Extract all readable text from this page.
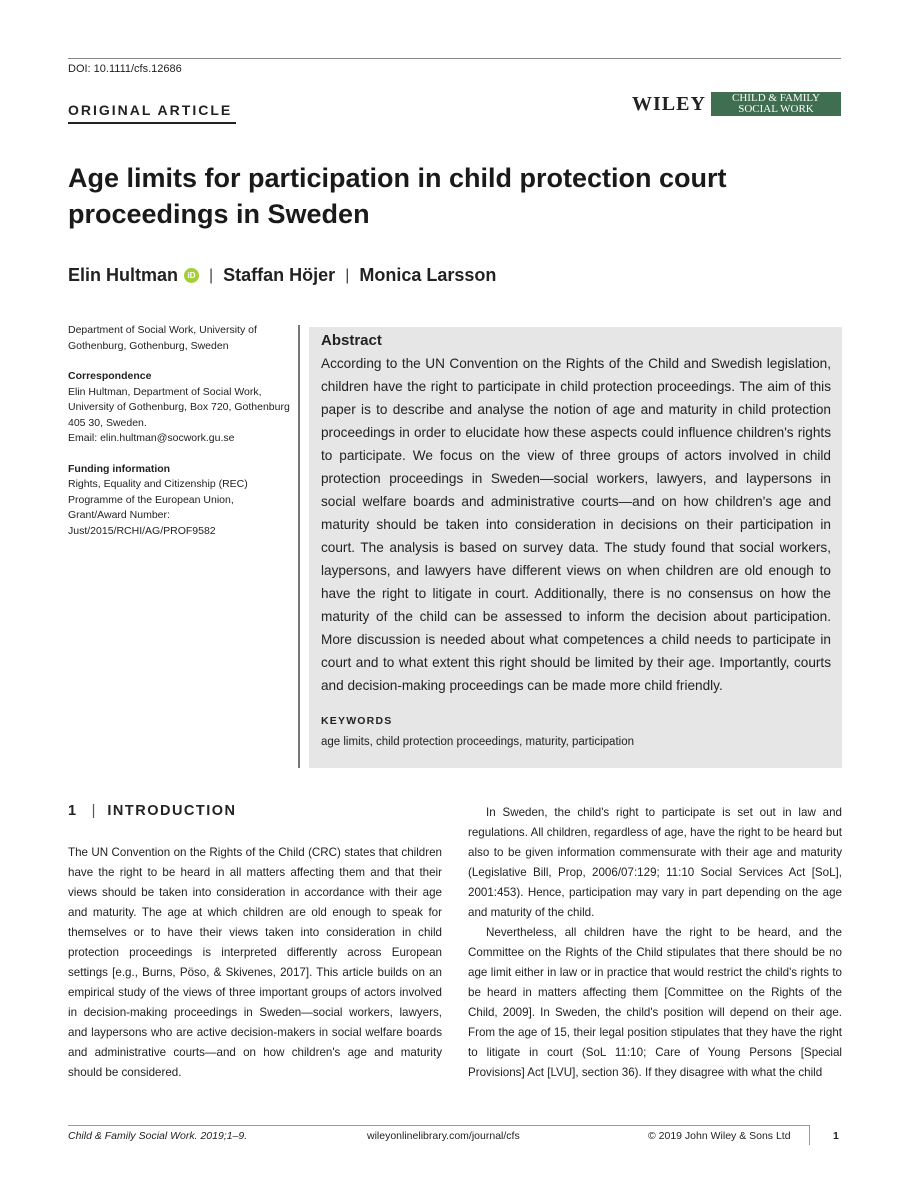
DOI: 10.1111/cfs.12686
ORIGINAL ARTICLE	WILEY	CHILD & FAMILY
SOCIAL WORK
Age limits for participation in child protection court proceedings in Sweden
Elin Hultman	iD | Staffan Höjer | Monica Larsson
Department of Social Work, University of Gothenburg, Gothenburg, Sweden
Correspondence
Elin Hultman, Department of Social Work, University of Gothenburg, Box 720, Gothenburg 405 30, Sweden.
Email: elin.hultman@socwork.gu.se
Funding information
Rights, Equality and Citizenship (REC) Programme of the European Union, Grant/Award Number: Just/2015/RCHI/AG/PROF9582
Abstract
According to the UN Convention on the Rights of the Child and Swedish legislation, children have the right to participate in child protection proceedings. The aim of this paper is to describe and analyse the notion of age and maturity in child protection proceedings in order to elucidate how these aspects could influence children's rights to participate. We focus on the view of three groups of actors involved in child protection proceedings in Sweden—social workers, lawyers, and laypersons in social welfare boards and administrative courts—and on how children's age and maturity should be taken into consideration in decisions on their participation in court. The analysis is based on survey data. The study found that social workers, laypersons, and lawyers have different views on when children are old enough to have the right to litigate in court. Additionally, there is no consensus on how the maturity of the child can be assessed to inform the decision about participation. More discussion is needed about what competences a child needs to participate in court and to what extent this right should be limited by their age. Importantly, courts and decision-making proceedings can be made more child friendly.
KEYWORDS
age limits, child protection proceedings, maturity, participation
1 | INTRODUCTION

The UN Convention on the Rights of the Child (CRC) states that children have the right to be heard in all matters affecting them and that their views should be taken into consideration in accordance with their age and maturity. The age at which children are old enough to speak for themselves or to have their views taken into consideration in child protection proceedings is interpreted differently across European settings [e.g., Burns, Pöso, & Skivenes, 2017]. This article builds on an empirical study of the views of three important groups of actors involved in decision-making proceedings in Sweden—social workers, lawyers, and laypersons who are active decision-makers in social welfare boards and administrative courts—and on how children's age and maturity should be considered.

In Sweden, the child's right to participate is set out in law and regulations. All children, regardless of age, have the right to be heard but also to be given information commensurate with their age and maturity (Legislative Bill, Prop, 2006/07:129; 11:10 Social Services Act [SoL], 2001:453). Hence, participation may vary in part depending on the age and maturity of the child.

Nevertheless, all children have the right to be heard, and the Committee on the Rights of the Child stipulates that there should be no age limit either in law or in practice that would restrict the child's rights to be heard in matters affecting them [Committee on the Rights of the Child, 2009]. In Sweden, the child's position will depend on their age. From the age of 15, their legal position stipulates that they have the right to litigate in court (SoL 11:10; Care of Young Persons [Special Provisions] Act [LVU], section 36). If they disagree with what the child

Child & Family Social Work. 2019;1–9.	wileyonlinelibrary.com/journal/cfs	© 2019 John Wiley & Sons Ltd	1
